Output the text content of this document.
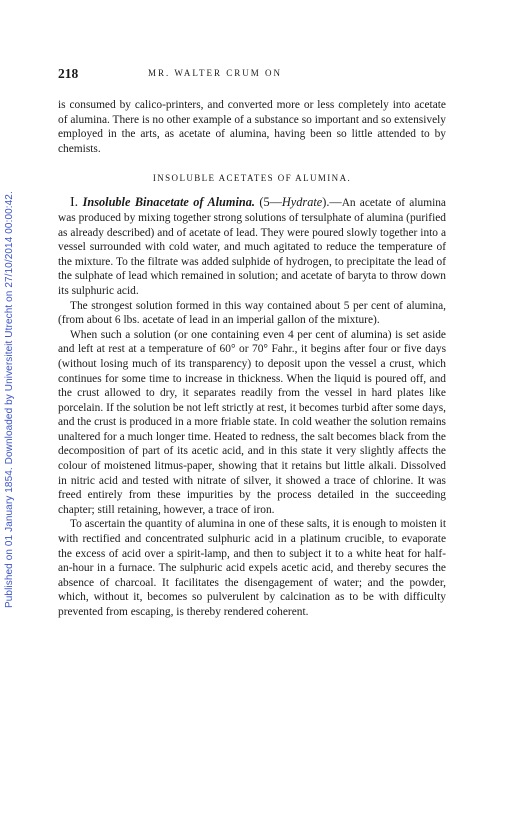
Published on 01 January 1854. Downloaded by Universiteit Utrecht on 27/10/2014 00:00:42.
218	MR. WALTER CRUM ON

is consumed by calico-printers, and converted more or less completely into acetate of alumina. There is no other example of a substance so important and so extensively employed in the arts, as acetate of alumina, having been so little attended to by chemists.

INSOLUBLE ACETATES OF ALUMINA.

I. Insoluble Binacetate of Alumina. (5—Hydrate).—An acetate of alumina was produced by mixing together strong solutions of tersulphate of alumina (purified as already described) and of acetate of lead. They were poured slowly together into a vessel surrounded with cold water, and much agitated to reduce the temperature of the mixture. To the filtrate was added sulphide of hydrogen, to precipitate the lead of the sulphate of lead which remained in solution; and acetate of baryta to throw down its sulphuric acid.

The strongest solution formed in this way contained about 5 per cent of alumina, (from about 6 lbs. acetate of lead in an imperial gallon of the mixture).

When such a solution (or one containing even 4 per cent of alumina) is set aside and left at rest at a temperature of 60° or 70° Fahr., it begins after four or five days (without losing much of its transparency) to deposit upon the vessel a crust, which continues for some time to increase in thickness. When the liquid is poured off, and the crust allowed to dry, it separates readily from the vessel in hard plates like porcelain. If the solution be not left strictly at rest, it becomes turbid after some days, and the crust is produced in a more friable state. In cold weather the solution remains unaltered for a much longer time. Heated to redness, the salt becomes black from the decomposition of part of its acetic acid, and in this state it very slightly affects the colour of moistened litmus-paper, showing that it retains but little alkali. Dissolved in nitric acid and tested with nitrate of silver, it showed a trace of chlorine. It was freed entirely from these impurities by the process detailed in the succeeding chapter; still retaining, however, a trace of iron.

To ascertain the quantity of alumina in one of these salts, it is enough to moisten it with rectified and concentrated sulphuric acid in a platinum crucible, to evaporate the excess of acid over a spirit-lamp, and then to subject it to a white heat for half-an-hour in a furnace. The sulphuric acid expels acetic acid, and thereby secures the absence of charcoal. It facilitates the disengagement of water; and the powder, which, without it, becomes so pulverulent by calcination as to be with difficulty prevented from escaping, is thereby rendered coherent.
